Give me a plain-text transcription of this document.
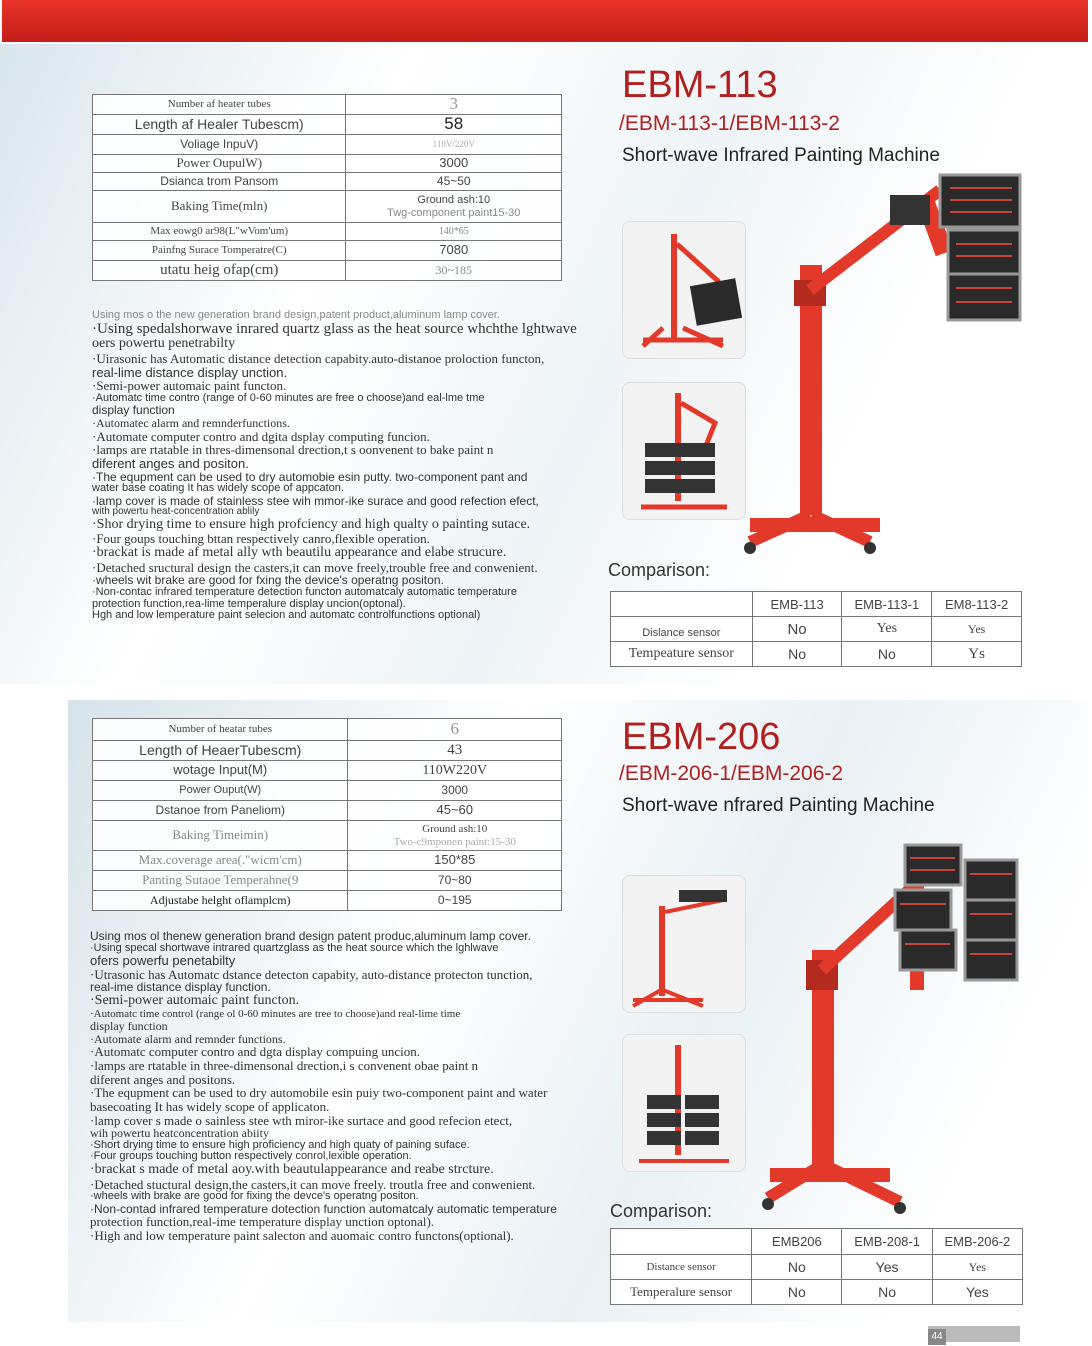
Number af heater tubes	3
Length af Healer Tubescm)	58
Voliage InpuV)	110V/220V
Power OupulW)	3000
Dsianca trom Pansom	45~50
Baking Time(mln)	Ground ash:10
Twg-component paint15-30

Max eowg0 ar98(L"wVom'um)	140*65
Painfng Surace Tomperatre(C)	7080
utatu heig ofap(cm)	30~185
EBM-113
/EBM-113-1/EBM-113-2
Short-wave Infrared Painting Machine
Using mos o the new generation brand design,patent product,aluminum lamp cover.
·Using spedalshorwave inrared quartz glass as the heat source whchthe lghtwave
oers powertu penetrabilty
·Uirasonic has Automatic distance detection capabity.auto-distanoe proloction functon,
real-lime distance display unction.
·Semi-power automaic paint functon.
·Automatc time contro (range of 0-60 minutes are free o choose)and eal-lme tme
display function
·Automatec alarm and remnderfunctions.
·Automate computer contro and dgita dsplay computing funcion.
·lamps are rtatable in thres-dimensonal drection,t s oonvenent to bake paint n
diferent anges and positon.
·The equpment can be used to dry automobie esin putty. two-component pant and
water base coating It has widely scope of appcaton.
·lamp cover is made of stainless stee wih mmor-ike surace and good refection efect,
with powertu heat-concentration ablily
·Shor drying time to ensure high profciency and high qualty o painting sutace.
·Four goups touching bttan respectively canro,flexible operation.
·brackat is made af metal ally wth beautilu appearance and elabe strucure.
·Detached sructural design the casters,it can move freely,trouble free and conwenient.
·wheels wit brake are good for fxing the device's operatng positon.
·Non-contac infrared temperature detection functon automatcaly automatic temperature
protection function,rea-lime temperalure display uncion(optonal).
Hgh and low lemperature paint selecion and automatc controlfunctions optional)
Comparison:
	EMB-113	EMB-113-1	EM8-113-2
Dislance sensor	No	Yes	Yes
Tempeature sensor	No	No	Ys
Number of heatar tubes	6
Length of HeaerTubescm)	43
wotage Input(M)	110W220V
Power Ouput(W)	3000
Dstanoe from Paneliom)	45~60
Baking Timeimin)	Ground ash:10
Two-c9mponen paint:15-30

Max.coverage area(."wicm'cm)	150*85
Panting Sutaoe Temperahne(9	70~80
Adjustabe helght oflamplcm)	0~195
EBM-206
/EBM-206-1/EBM-206-2
Short-wave nfrared Painting Machine
Using mos ol thenew generation brand design patent produc,aluminum lamp cover.
·Using specal shortwave intrared quartzglass as the heat source which the lghlwave
ofers powerfu penetabilty
·Utrasonic has Automatc dstance detecton capabity, auto-distance protecton tunction,
real-ime distance display function.
·Semi-power automaic paint functon.
·Automatc time control (range ol 0-60 minutes are tree to choose)and real-lime time
display function
·Automate alarm and remnder functions.
·Automatc computer contro and dgta display compuing uncion.
·lamps are rtatable in three-dimensonal drection,i s convenent obae paint n
diferent anges and positons.
·The equpment can be used to dry automobile esin puiy two-component paint and water
basecoating It has widely scope of applicaton.
·lamp cover s made o sainless stee wth miror-ike surtace and good refecion etect,
wih powertu heatconcentration abiity
·Short drying time to ensure high proficiency and high quaty of paining suface.
·Four groups touching button respectively conrol,lexible operation.
·brackat s made of metal aoy.with beautulappearance and reabe strcture.
·Detached stuctural design,the casters,it can move freely. troutla free and conwenient.
·wheels with brake are good for fixing the devce's operatng positon.
·Non-contad infrared temperature dotection function automatcaly automatic temperature
protection function,real-ime temperature display unction optonal).
·High and low temperature paint salecton and auomaic contro functons(optional).
Comparison:
	EMB206	EMB-208-1	EMB-206-2
Distance sensor	No	Yes	Yes
Temperalure sensor	No	No	Yes
44
